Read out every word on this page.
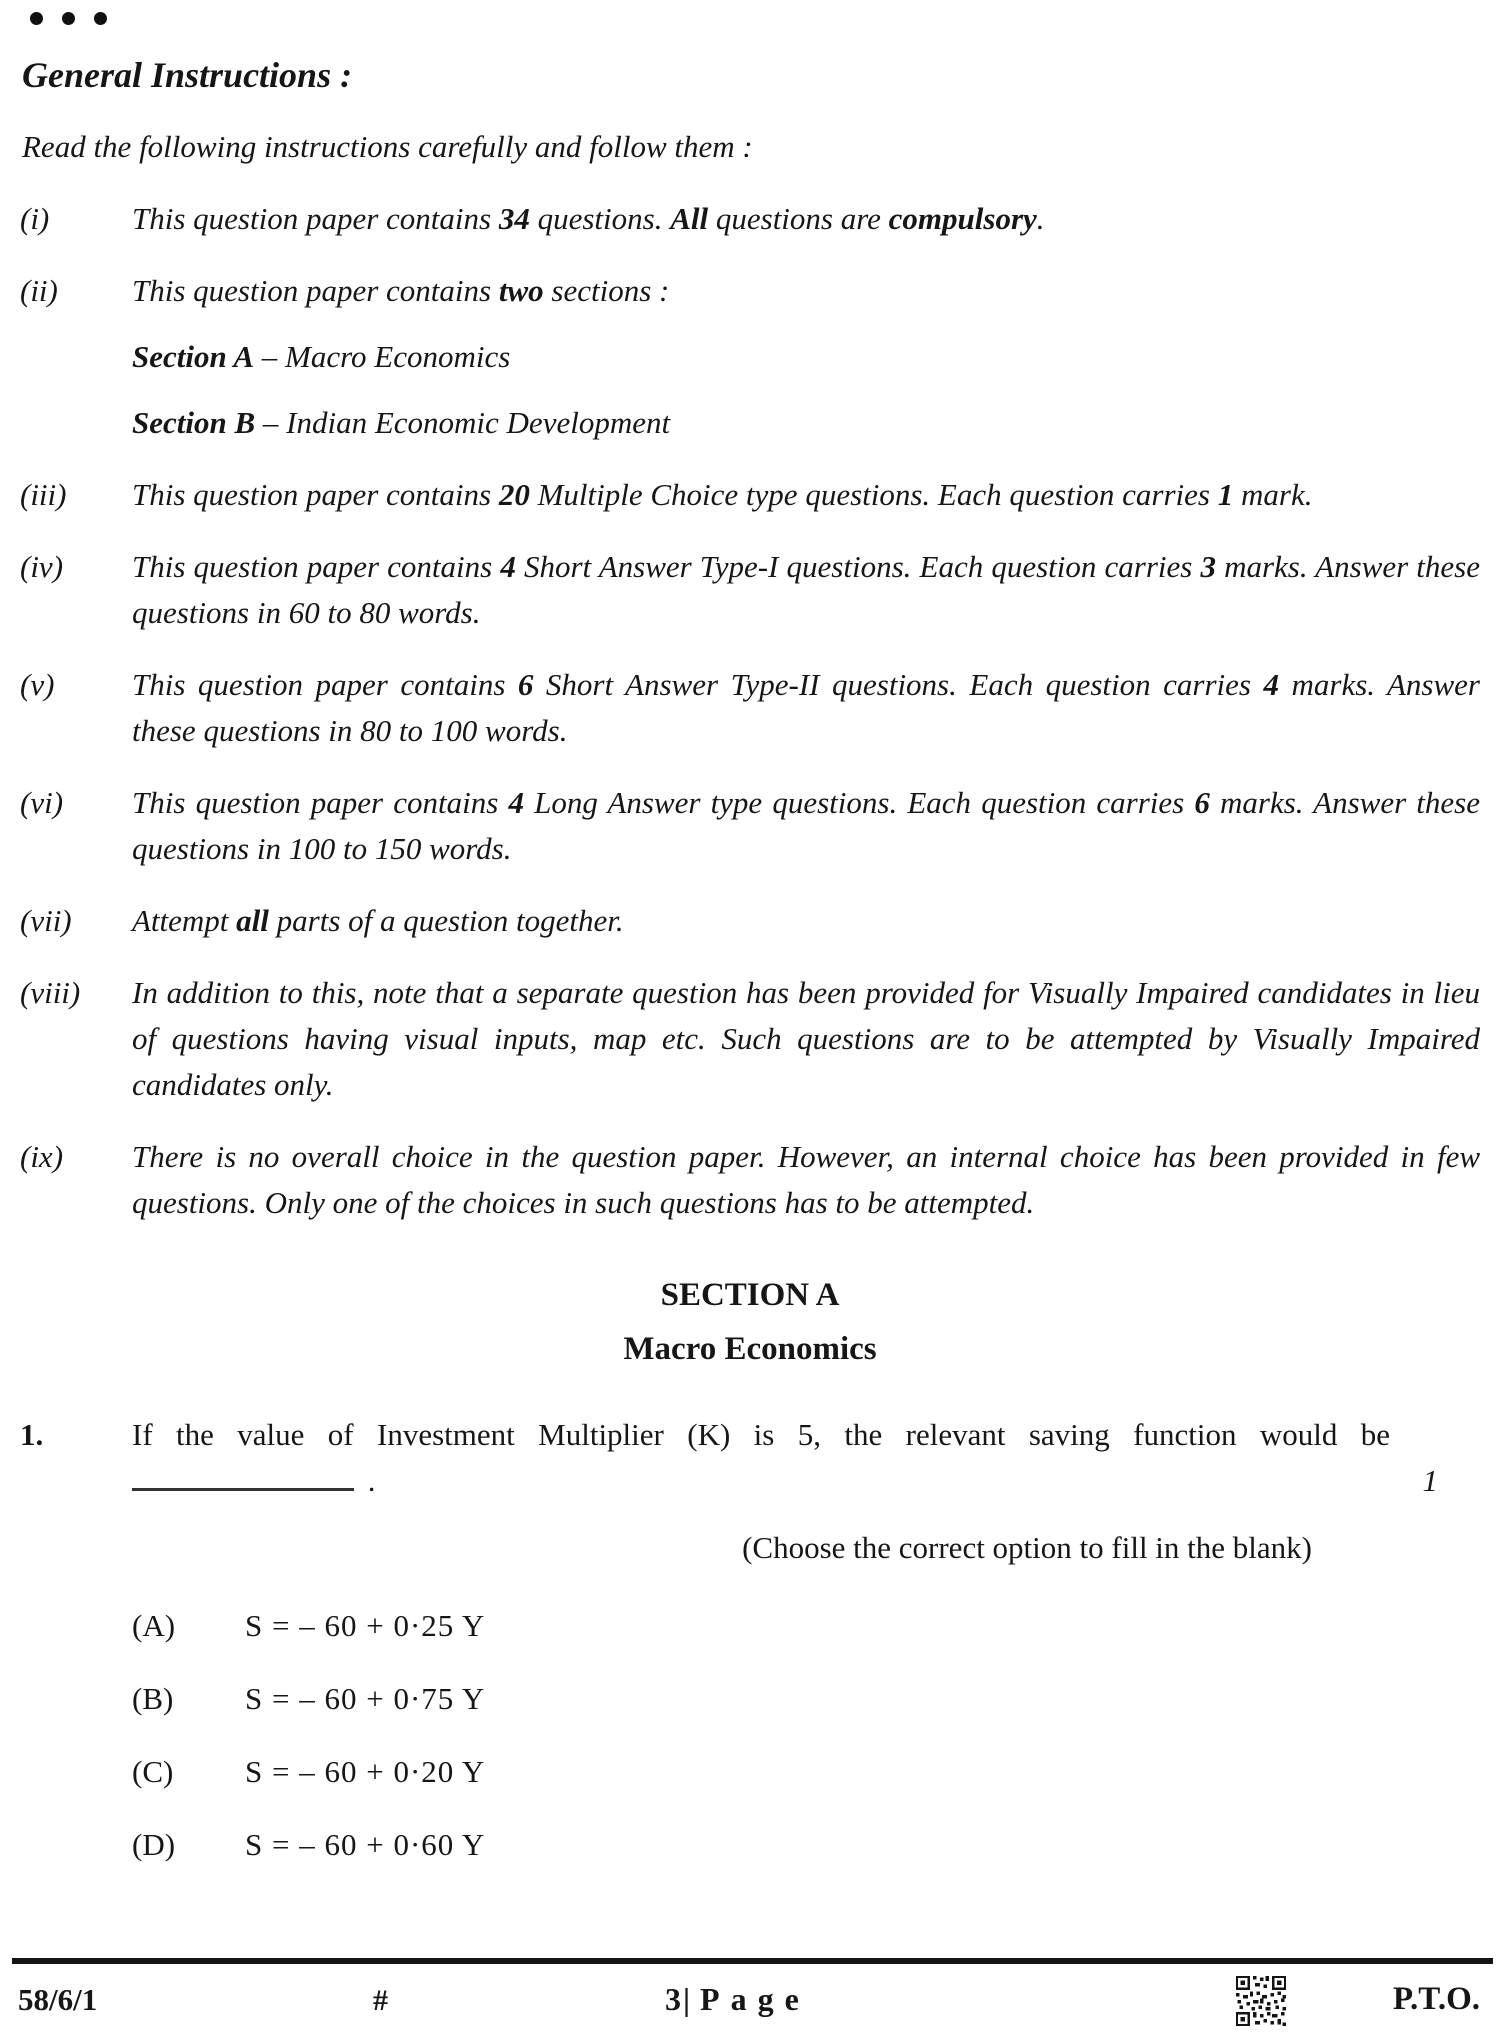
General Instructions :
Read the following instructions carefully and follow them :
(i)	This question paper contains 34 questions. All questions are compulsory.
(ii)	This question paper contains two sections :
Section A – Macro Economics
Section B – Indian Economic Development
(iii)	This question paper contains 20 Multiple Choice type questions. Each question carries 1 mark.
(iv)	This question paper contains 4 Short Answer Type-I questions. Each question carries 3 marks. Answer these questions in 60 to 80 words.
(v)	This question paper contains 6 Short Answer Type-II questions. Each question carries 4 marks. Answer these questions in 80 to 100 words.
(vi)	This question paper contains 4 Long Answer type questions. Each question carries 6 marks. Answer these questions in 100 to 150 words.
(vii)	Attempt all parts of a question together.
(viii)	In addition to this, note that a separate question has been provided for Visually Impaired candidates in lieu of questions having visual inputs, map etc. Such questions are to be attempted by Visually Impaired candidates only.
(ix)	There is no overall choice in the question paper. However, an internal choice has been provided in few questions. Only one of the choices in such questions has to be attempted.
SECTION A
Macro Economics
1.	If the value of Investment Multiplier (K) is 5, the relevant saving function would be  .	1
(Choose the correct option to fill in the blank)
(A)	S = – 60 + 0·25 Y
(B)	S = – 60 + 0·75 Y
(C)	S = – 60 + 0·20 Y
(D)	S = – 60 + 0·60 Y
58/6/1	#	3 | Page	P.T.O.
